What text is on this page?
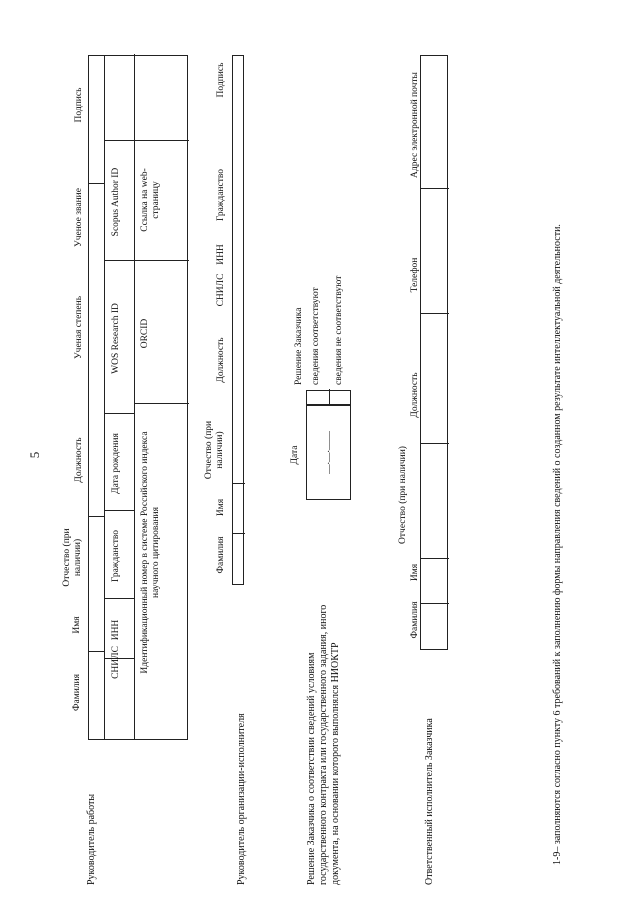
5
Руководитель работы
Фамилия
Имя
Отчество (при наличии)
Должность
Ученая степень
Ученое звание
Подпись
СНИЛС
ИНН
Гражданство
Дата рождения
WOS Research ID
Scopus Author ID
Идентификационный номер в системе Российского индекса научного цитирования
ORCID
Ссылка на web-страницу
Руководитель организации-исполнителя
Фамилия
Имя
Отчество (при наличии)
Должность
СНИЛС
ИНН
Гражданство
Подпись
Решение Заказчика о соответствии сведений условиям государственного контракта или государственного задания, иного документа, на основании которого выполнялся НИОКТР
Дата __.__.____
Решение Заказчика сведения соответствуют сведения не соответствуют
Ответственный исполнитель Заказчика
Фамилия
Имя
Отчество (при наличии)
Должность
Телефон
Адрес электронной почты
1-9– заполняются согласно пункту 6 требований к заполнению формы направления сведений о созданном результате интеллектуальной деятельности.
